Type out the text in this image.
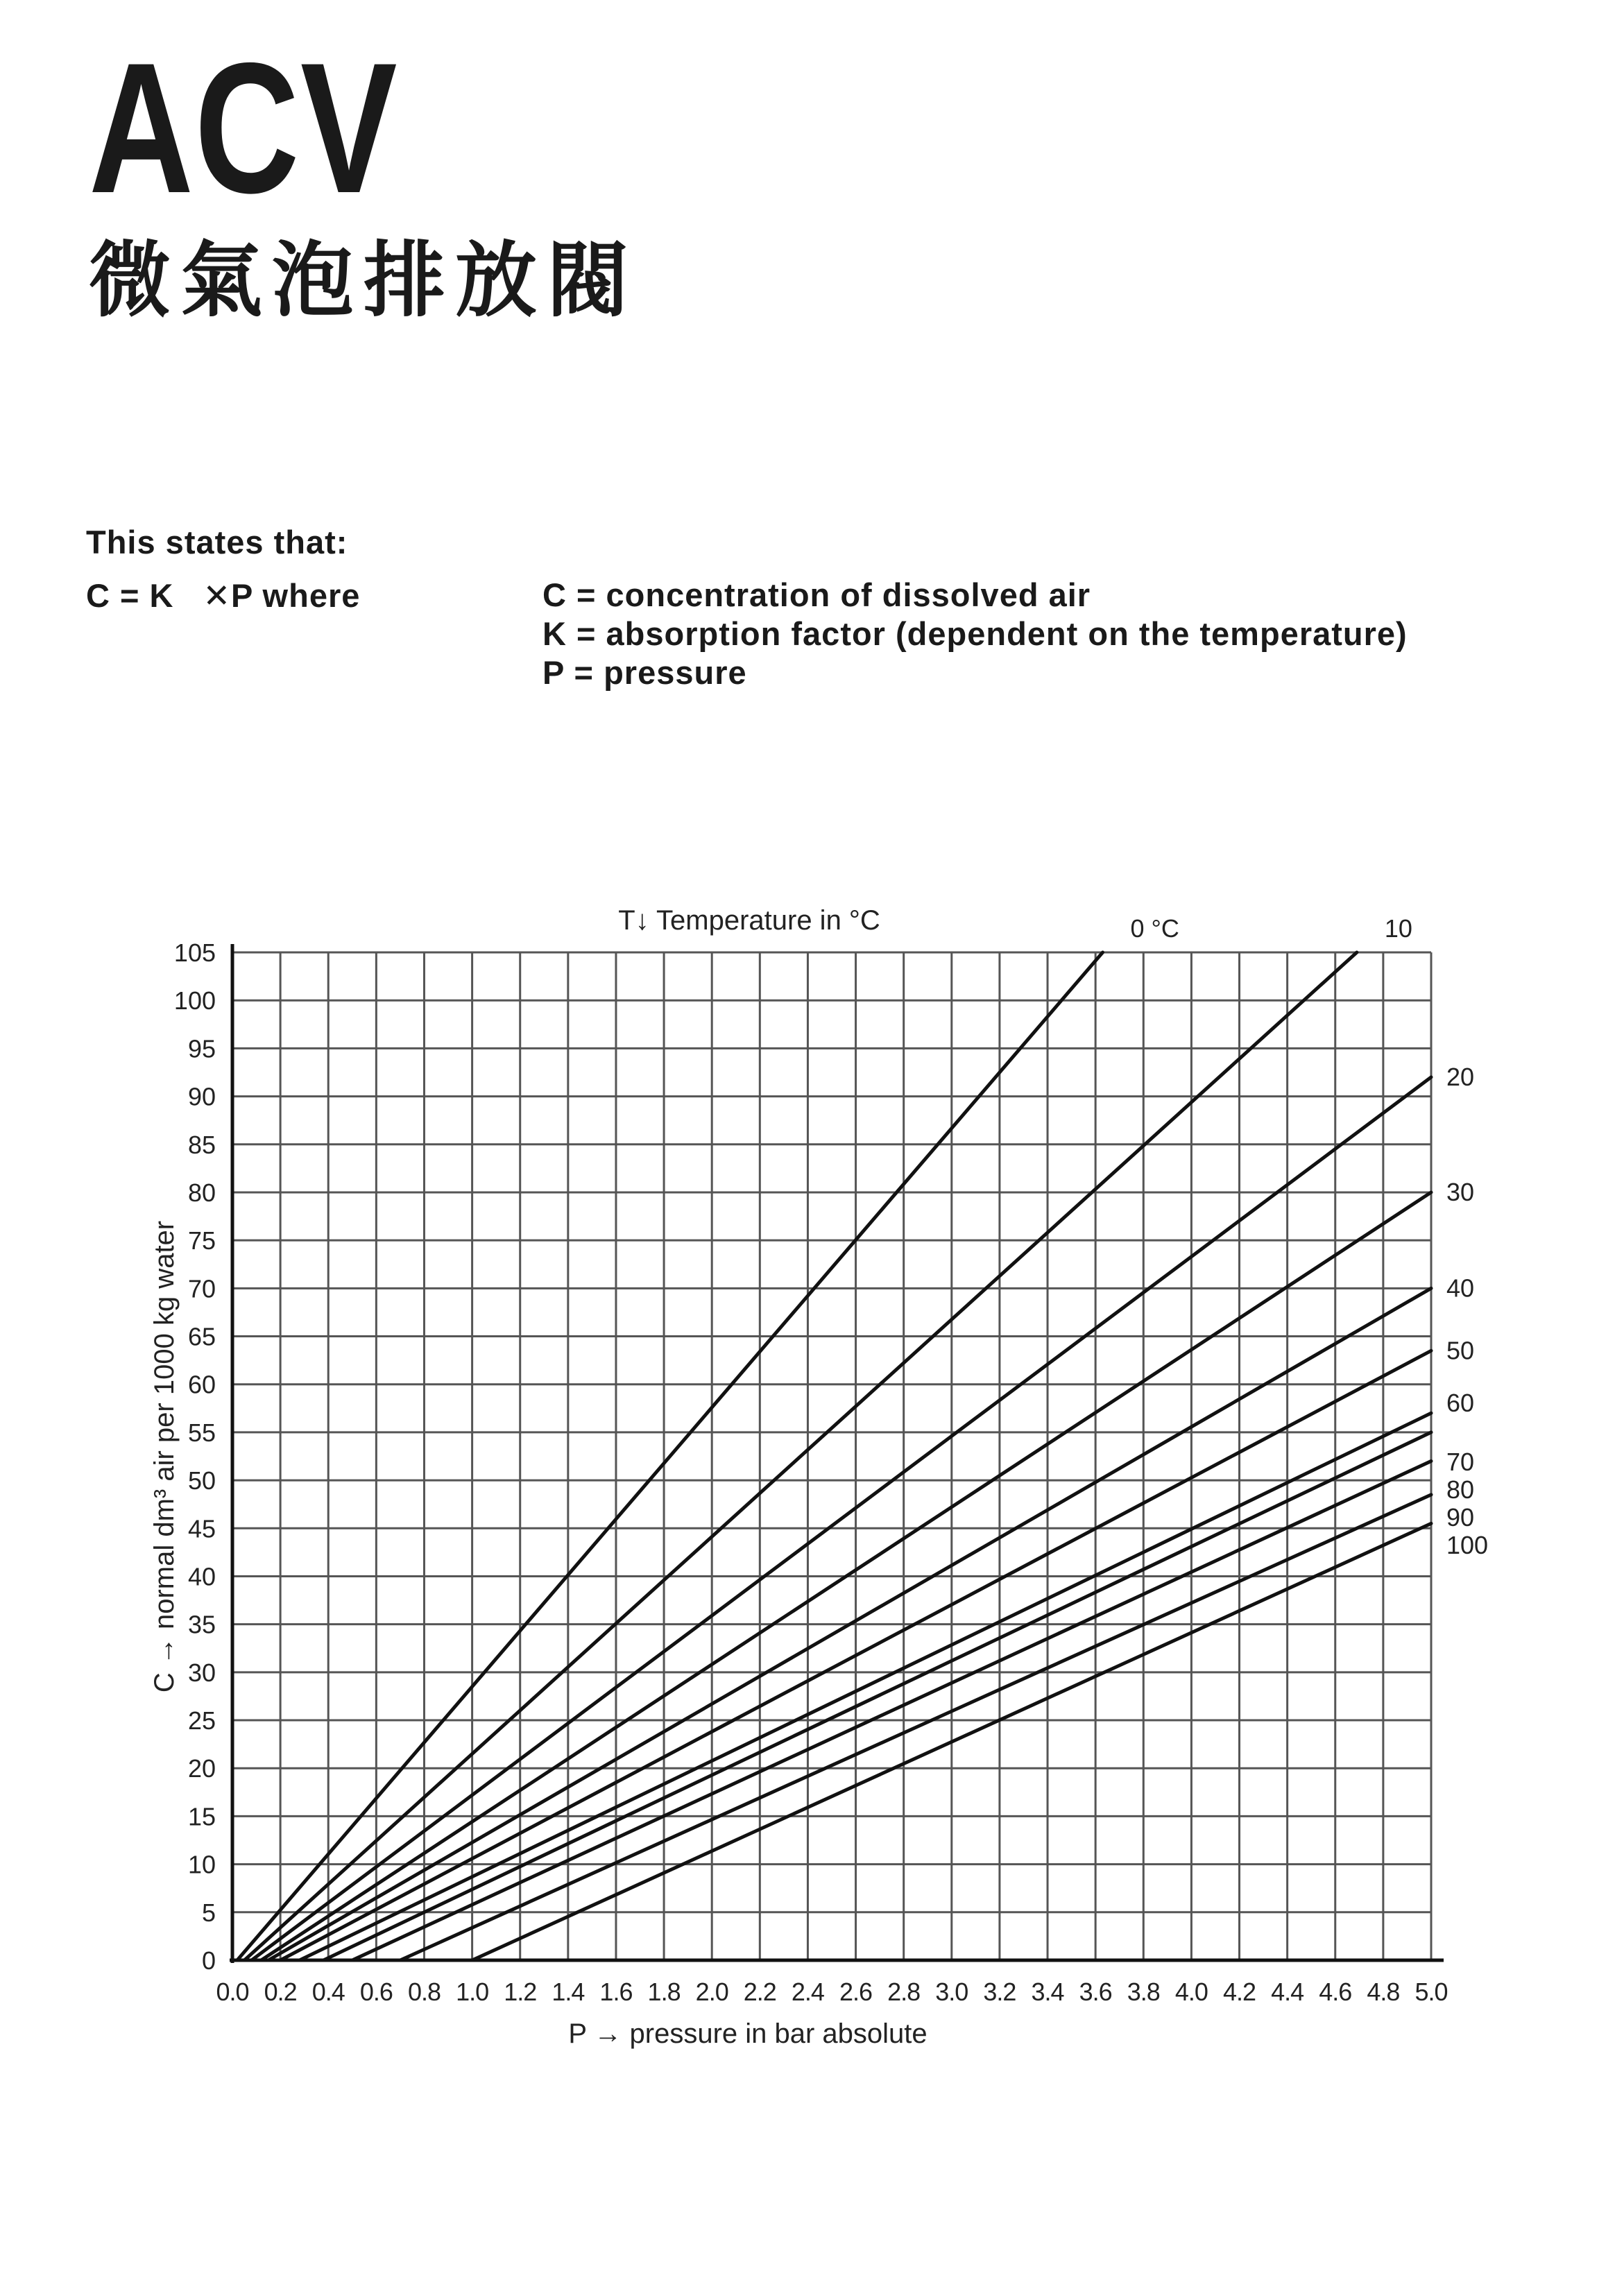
ACV
微氣泡排放閥
This states that:
C = K   ✕P where	C = concentration of dissolved air
K = absorption factor (dependent on the temperature)
P = pressure
0.0 0.2 0.4 0.6 0.8 1.0 1.2 1.4 1.6 1.8 2.0 2.2 2.4 2.6 2.8 3.0 3.2 3.4 3.6 3.8 4.0 4.2 4.4 4.6 4.8 5.0
0
5
10
15
20
25
30
35
40
45
50
55
60
65
70
75
80
85
90
95
100
105
0 °C	10
20
30
40
50
60
70
80
90
100
T↓ Temperature in °C
P → pressure in bar absolute
C → normal dm³ air per 1000 kg water
